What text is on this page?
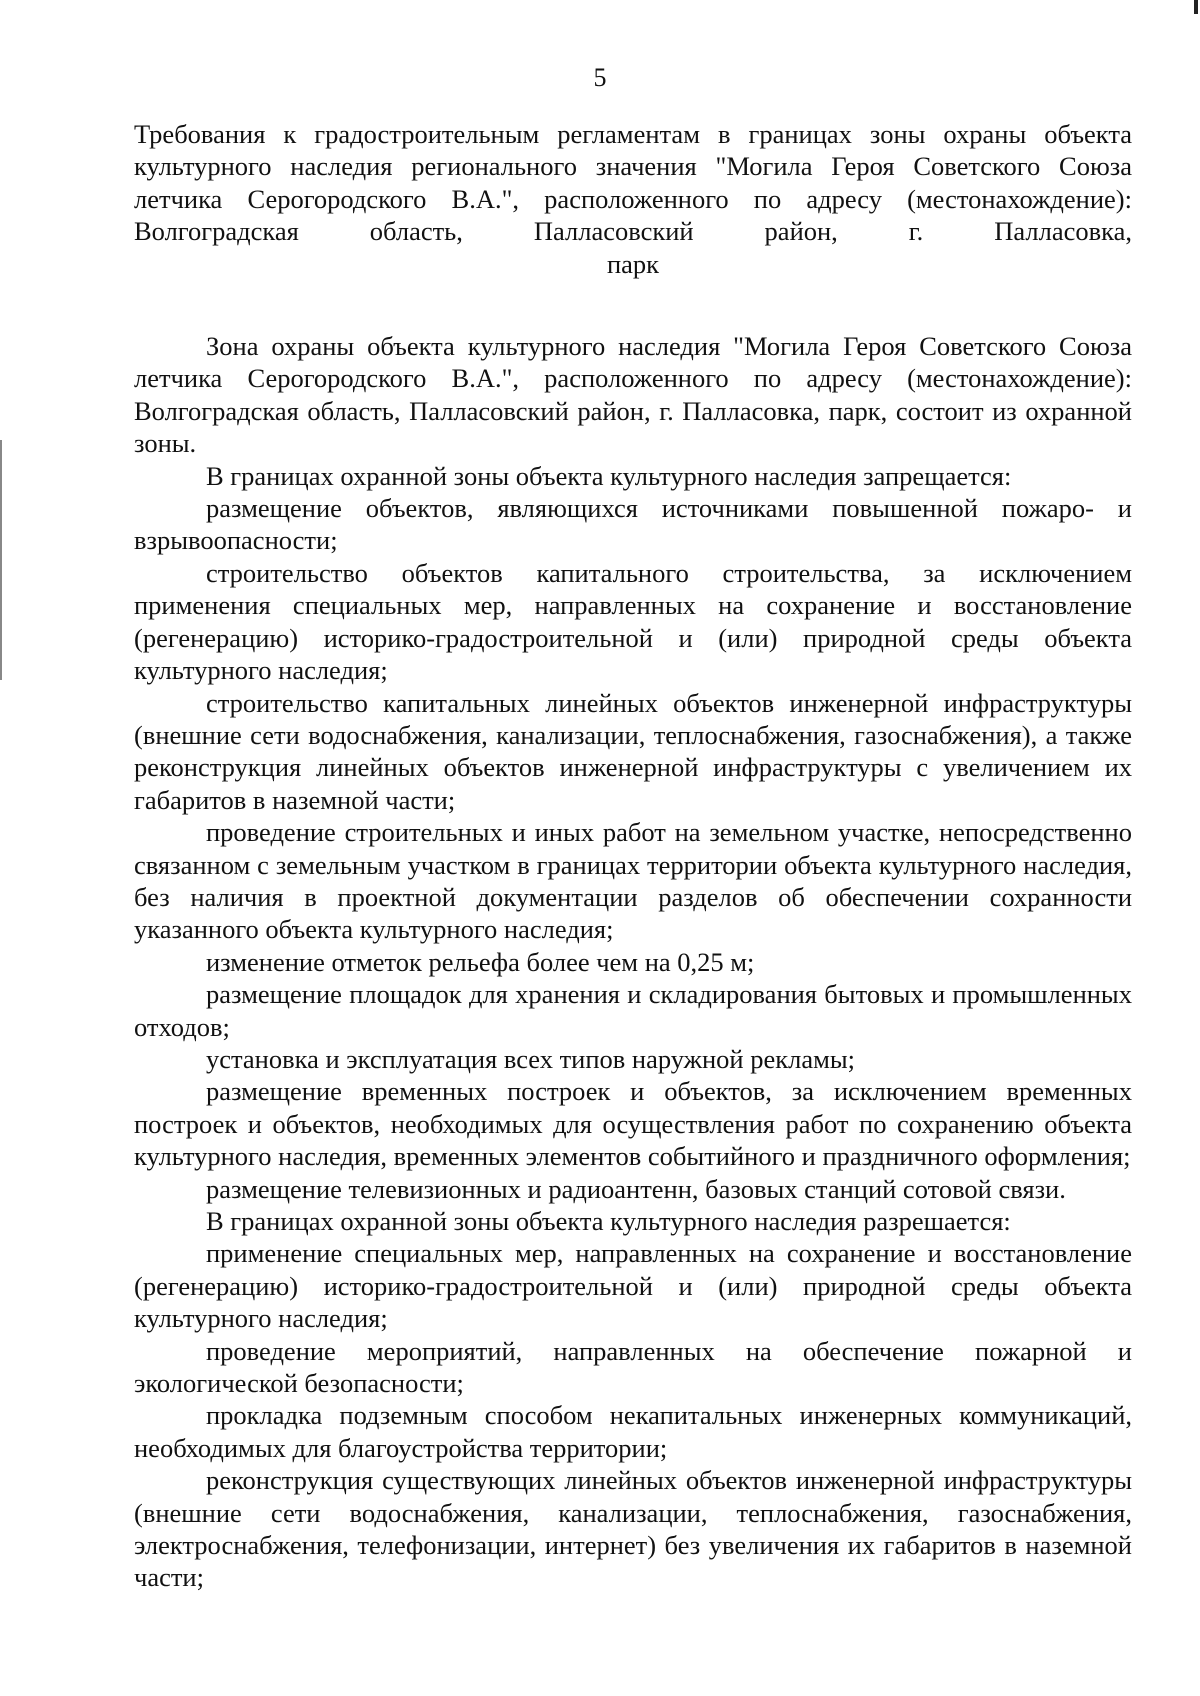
5

Требования к градостроительным регламентам в границах зоны охраны объекта

культурного наследия регионального значения "Могила Героя Советского Союза

летчика Серогородского В.А.", расположенного по адресу (местонахождение):

Волгоградская область, Палласовский район, г. Палласовка,

парк

Зона охраны объекта культурного наследия "Могила Героя Советского Союза летчика Серогородского В.А.", расположенного по адресу (местонахождение): Волгоградская область, Палласовский район, г. Палласовка, парк, состоит из охранной зоны.

В границах охранной зоны объекта культурного наследия запрещается:

размещение объектов, являющихся источниками повышенной пожаро- и взрывоопасности;

строительство объектов капитального строительства, за исключением применения специальных мер, направленных на сохранение и восстановление (регенерацию) историко-градостроительной и (или) природной среды объекта культурного наследия;

строительство капитальных линейных объектов инженерной инфраструктуры (внешние сети водоснабжения, канализации, теплоснабжения, газоснабжения), а также реконструкция линейных объектов инженерной инфраструктуры с увеличением их габаритов в наземной части;

проведение строительных и иных работ на земельном участке, непосредственно связанном с земельным участком в границах территории объекта культурного наследия, без наличия в проектной документации разделов об обеспечении сохранности указанного объекта культурного наследия;

изменение отметок рельефа более чем на 0,25 м;

размещение площадок для хранения и складирования бытовых и промышленных отходов;

установка и эксплуатация всех типов наружной рекламы;

размещение временных построек и объектов, за исключением временных построек и объектов, необходимых для осуществления работ по сохранению объекта культурного наследия, временных элементов событийного и праздничного оформления;

размещение телевизионных и радиоантенн, базовых станций сотовой связи.

В границах охранной зоны объекта культурного наследия разрешается:

применение специальных мер, направленных на сохранение и восстановление (регенерацию) историко-градостроительной и (или) природной среды объекта культурного наследия;

проведение мероприятий, направленных на обеспечение пожарной и экологической безопасности;

прокладка подземным способом некапитальных инженерных коммуникаций, необходимых для благоустройства территории;

реконструкция существующих линейных объектов инженерной инфраструктуры (внешние сети водоснабжения, канализации, теплоснабжения, газоснабжения, электроснабжения, телефонизации, интернет) без увеличения их габаритов в наземной части;
